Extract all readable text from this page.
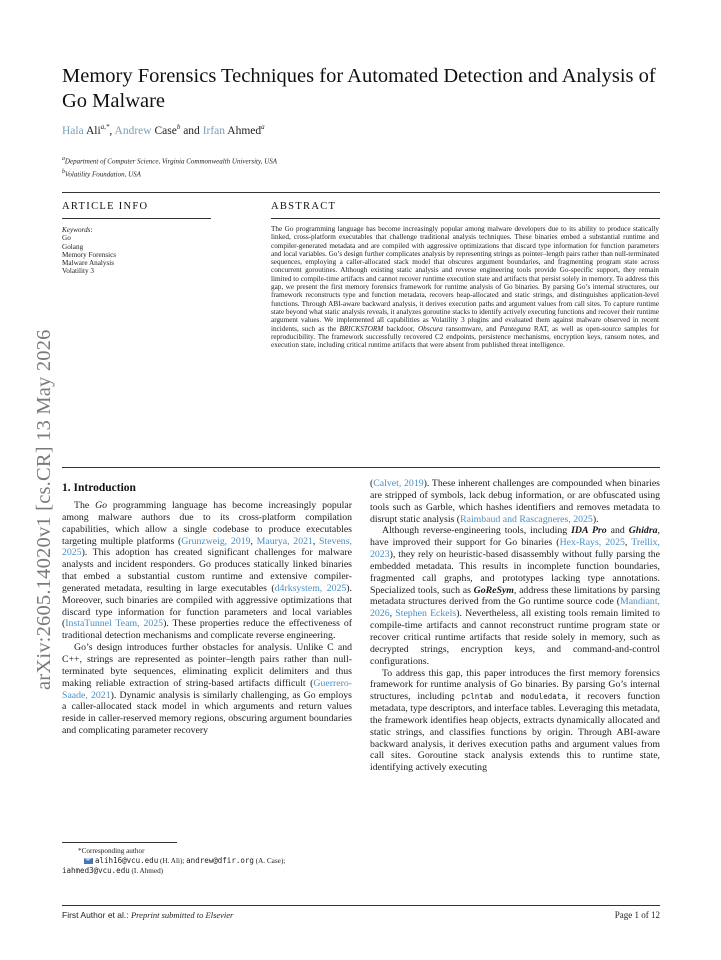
arXiv:2605.14020v1 [cs.CR] 13 May 2026
Memory Forensics Techniques for Automated Detection and Analysis of Go Malware
Hala Ali$^{a,*}$, Andrew Case$^b$ and Irfan Ahmed$^a$
$^a$Department of Computer Science, Virginia Commonwealth University, USA
$^b$Volatility Foundation, USA
ARTICLE INFO	ABSTRACT
Keywords:
Go
Golang
Memory Forensics
Malware Analysis
Volatility 3
The Go programming language has become increasingly popular among malware developers due to its ability to produce statically linked, cross-platform executables that challenge traditional analysis techniques. These binaries embed a substantial runtime and compiler-generated metadata and are compiled with aggressive optimizations that discard type information for function parameters and local variables. Go’s design further complicates analysis by representing strings as pointer–length pairs rather than null-terminated sequences, employing a caller-allocated stack model that obscures argument boundaries, and fragmenting program state across concurrent goroutines. Although existing static analysis and reverse engineering tools provide Go-specific support, they remain limited to compile-time artifacts and cannot recover runtime execution state and artifacts that persist solely in memory. To address this gap, we present the first memory forensics framework for runtime analysis of Go binaries. By parsing Go’s internal structures, our framework reconstructs type and function metadata, recovers heap-allocated and static strings, and distinguishes application-level functions. Through ABI-aware backward analysis, it derives execution paths and argument values from call sites. To capture runtime state beyond what static analysis reveals, it analyzes goroutine stacks to identify actively executing functions and recover their runtime argument values. We implemented all capabilities as Volatility 3 plugins and evaluated them against malware observed in recent incidents, such as the BRICKSTORM backdoor, Obscura ransomware, and Pantegana RAT, as well as open-source samples for reproducibility. The framework successfully recovered C2 endpoints, persistence mechanisms, encryption keys, ransom notes, and execution state, including critical runtime artifacts that were absent from published threat intelligence.
1. Introduction

The Go programming language has become increasingly popular among malware authors due to its cross-platform compilation capabilities, which allow a single codebase to produce executables targeting multiple platforms (Grunzweig, 2019, Maurya, 2021, Stevens, 2025). This adoption has created significant challenges for malware analysts and incident responders. Go produces statically linked binaries that embed a substantial custom runtime and extensive compiler-generated metadata, resulting in large executables (d4rksystem, 2025). Moreover, such binaries are compiled with aggressive optimizations that discard type information for function parameters and local variables (InstaTunnel Team, 2025). These properties reduce the effectiveness of traditional detection mechanisms and complicate reverse engineering.

Go’s design introduces further obstacles for analysis. Unlike C and C++, strings are represented as pointer–length pairs rather than null-terminated byte sequences, eliminating explicit delimiters and thus making reliable extraction of string-based artifacts difficult (Guerrero-Saade, 2021). Dynamic analysis is similarly challenging, as Go employs a caller-allocated stack model in which arguments and return values reside in caller-reserved memory regions, obscuring argument boundaries and complicating parameter recovery

*Corresponding author
alih16@vcu.edu (H. Ali); andrew@dfir.org (A. Case);
iahmed3@vcu.edu (I. Ahmed)

(Calvet, 2019). These inherent challenges are compounded when binaries are stripped of symbols, lack debug information, or are obfuscated using tools such as Garble, which hashes identifiers and removes metadata to disrupt static analysis (Raimbaud and Rascagneres, 2025).

Although reverse-engineering tools, including IDA Pro and Ghidra, have improved their support for Go binaries (Hex-Rays, 2025, Trellix, 2023), they rely on heuristic-based disassembly without fully parsing the embedded metadata. This results in incomplete function boundaries, fragmented call graphs, and prototypes lacking type annotations. Specialized tools, such as GoReSym, address these limitations by parsing metadata structures derived from the Go runtime source code (Mandiant, 2026, Stephen Eckels). Nevertheless, all existing tools remain limited to compile-time artifacts and cannot reconstruct runtime program state or recover critical runtime artifacts that reside solely in memory, such as decrypted strings, encryption keys, and command-and-control configurations.

To address this gap, this paper introduces the first memory forensics framework for runtime analysis of Go binaries. By parsing Go’s internal structures, including pclntab and moduledata, it recovers function metadata, type descriptors, and interface tables. Leveraging this metadata, the framework identifies heap objects, extracts dynamically allocated and static strings, and classifies functions by origin. Through ABI-aware backward analysis, it derives execution paths and argument values from call sites. Goroutine stack analysis extends this to runtime state, identifying actively executing

First Author et al.: Preprint submitted to Elsevier	Page 1 of 12
